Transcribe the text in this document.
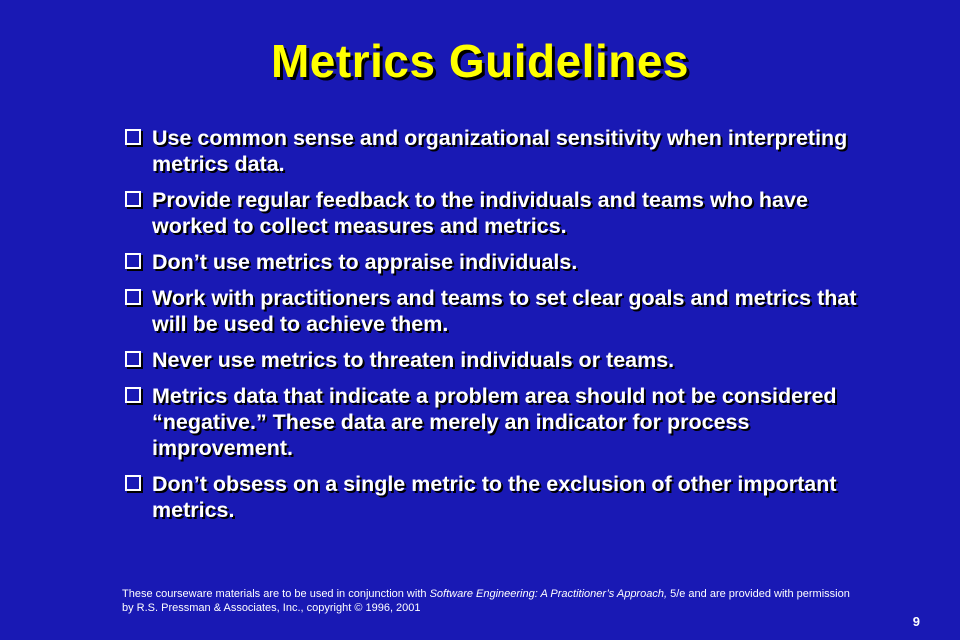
Metrics Guidelines
Use common sense and organizational sensitivity when interpreting metrics data.
Provide regular feedback to the individuals and teams who have worked to collect measures and metrics.
Don’t use metrics to appraise individuals.
Work with practitioners and teams to set clear goals and metrics that will be used to achieve them.
Never use metrics to threaten individuals or teams.
Metrics data that indicate a problem area should not be considered “negative.” These data are merely an indicator for process improvement.
Don’t obsess on a single metric to the exclusion of other important metrics.
These courseware materials are to be used in conjunction with Software Engineering: A Practitioner’s Approach, 5/e and are provided with permission by R.S. Pressman & Associates, Inc., copyright © 1996, 2001
9
